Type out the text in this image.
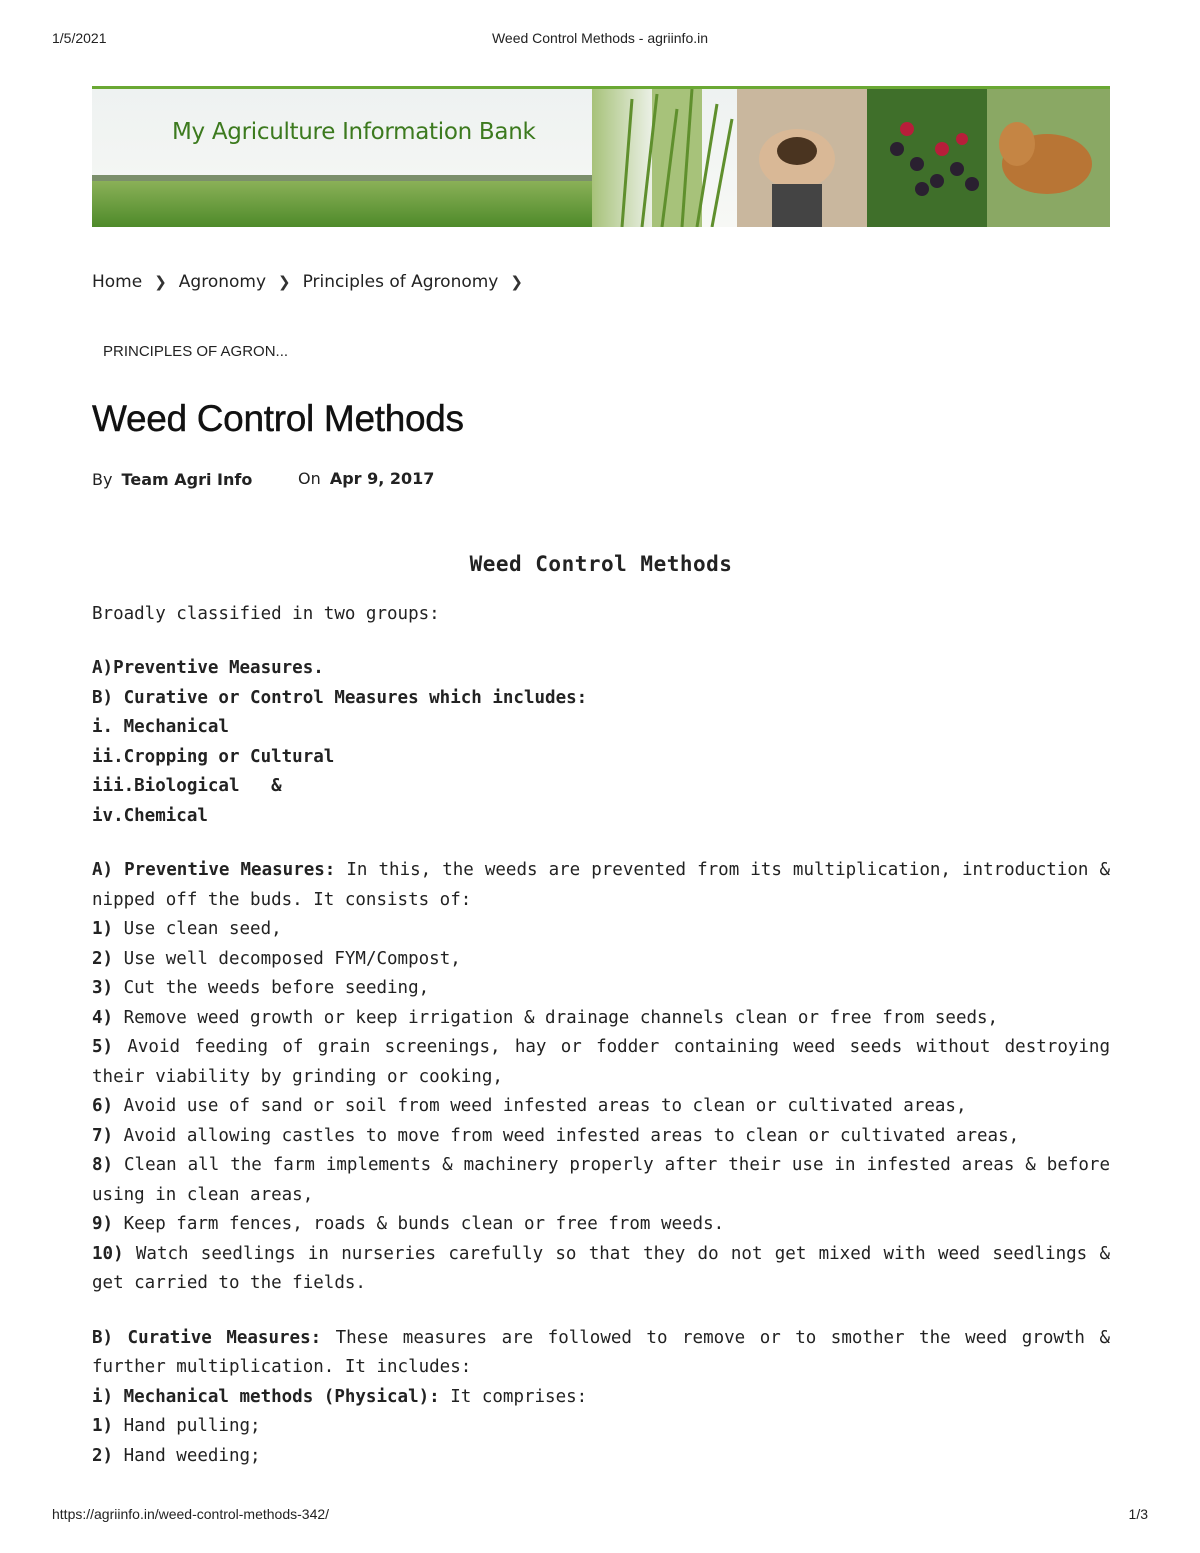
1/5/2021	Weed Control Methods - agriinfo.in
My Agriculture Information Bank
Home ❯ Agronomy ❯ Principles of Agronomy ❯
PRINCIPLES OF AGRON...
Weed Control Methods
By Team Agri Info	On Apr 9, 2017
Weed Control Methods

Broadly classified in two groups:

A)Preventive Measures.

B) Curative or Control Measures which includes:

i. Mechanical

ii.Cropping or Cultural

iii.Biological   &

iv.Chemical

A) Preventive Measures: In this, the weeds are prevented from its multiplication, introduction & nipped off the buds. It consists of:

1) Use clean seed,

2) Use well decomposed FYM/Compost,

3) Cut the weeds before seeding,

4) Remove weed growth or keep irrigation & drainage channels clean or free from seeds,

5) Avoid feeding of grain screenings, hay or fodder containing weed seeds without destroying their viability by grinding or cooking,

6) Avoid use of sand or soil from weed infested areas to clean or cultivated areas,

7) Avoid allowing castles to move from weed infested areas to clean or cultivated areas,

8) Clean all the farm implements & machinery properly after their use in infested areas & before using in clean areas,

9) Keep farm fences, roads & bunds clean or free from weeds.

10) Watch seedlings in nurseries carefully so that they do not get mixed with weed seedlings & get carried to the fields.

B) Curative Measures: These measures are followed to remove or to smother the weed growth & further multiplication. It includes:

i) Mechanical methods (Physical): It comprises:

1) Hand pulling;

2) Hand weeding;

https://agriinfo.in/weed-control-methods-342/	1/3
